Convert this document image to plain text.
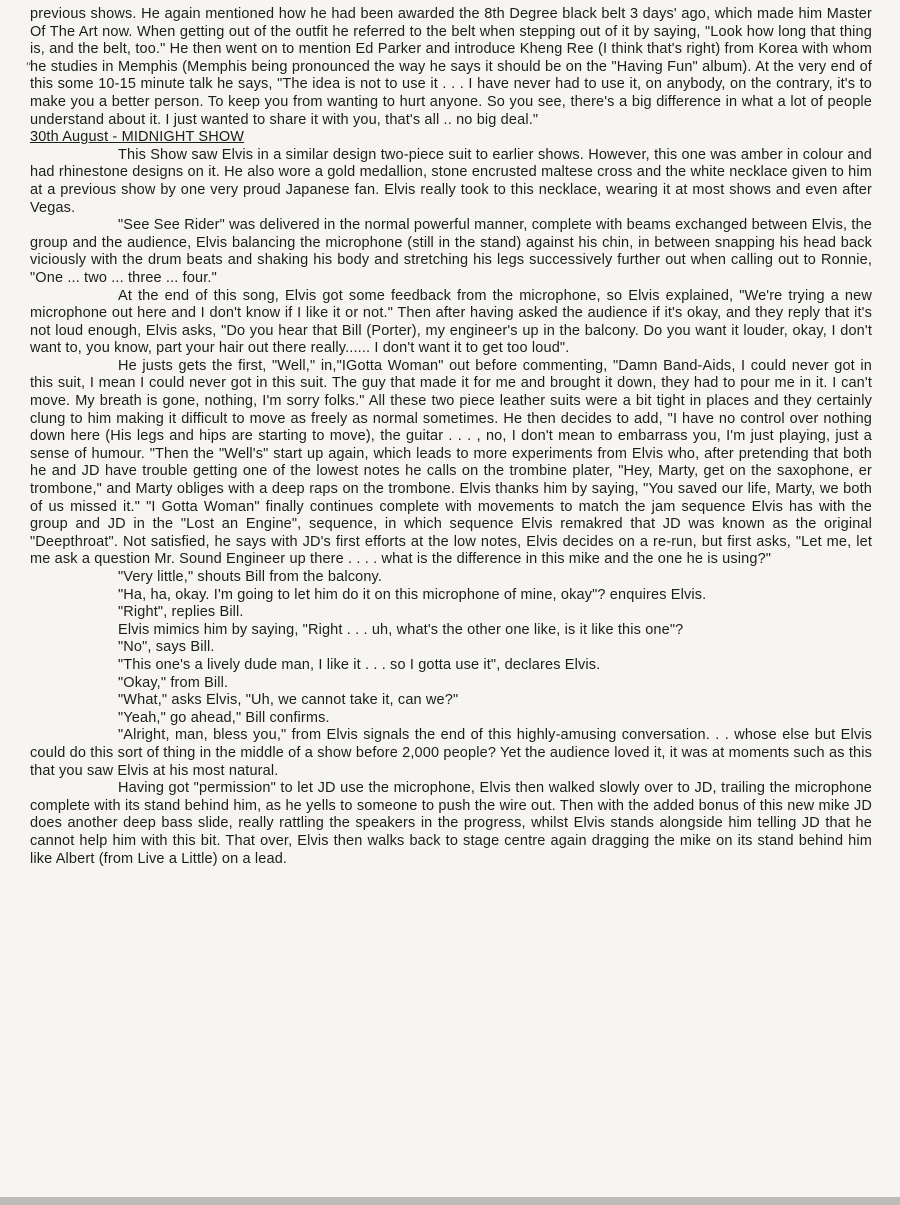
ʺ

previous shows. He again mentioned how he had been awarded the 8th Degree black belt 3 days' ago, which made him Master Of The Art now. When getting out of the outfit he referred to the belt when stepping out of it by saying, "Look how long that thing is, and the belt, too." He then went on to mention Ed Parker and introduce Kheng Ree (I think that's right) from Korea with whom he studies in Memphis (Memphis being pronounced the way he says it should be on the "Having Fun" album). At the very end of this some 10-15 minute talk he says, "The idea is not to use it . . . I have never had to use it, on anybody, on the contrary, it's to make you a better person. To keep you from wanting to hurt anyone. So you see, there's a big difference in what a lot of people understand about it. I just wanted to share it with you, that's all .. no big deal."

30th August - MIDNIGHT SHOW

This Show saw Elvis in a similar design two-piece suit to earlier shows. However, this one was amber in colour and had rhinestone designs on it. He also wore a gold medallion, stone encrusted maltese cross and the white necklace given to him at a previous show by one very proud Japanese fan. Elvis really took to this necklace, wearing it at most shows and even after Vegas.

"See See Rider" was delivered in the normal powerful manner, complete with beams exchanged between Elvis, the group and the audience, Elvis balancing the microphone (still in the stand) against his chin, in between snapping his head back viciously with the drum beats and shaking his body and stretching his legs successively further out when calling out to Ronnie, "One ... two ... three ... four."

At the end of this song, Elvis got some feedback from the microphone, so Elvis explained, "We're trying a new microphone out here and I don't know if I like it or not." Then after having asked the audience if it's okay, and they reply that it's not loud enough, Elvis asks, "Do you hear that Bill (Porter), my engineer's up in the balcony. Do you want it louder, okay, I don't want to, you know, part your hair out there really...... I don't want it to get too loud".

He justs gets the first, "Well," in,"IGotta Woman" out before commenting, "Damn Band-Aids, I could never got in this suit, I mean I could never got in this suit. The guy that made it for me and brought it down, they had to pour me in it. I can't move. My breath is gone, nothing, I'm sorry folks." All these two piece leather suits were a bit tight in places and they certainly clung to him making it difficult to move as freely as normal sometimes. He then decides to add, "I have no control over nothing down here (His legs and hips are starting to move), the guitar . . . , no, I don't mean to embarrass you, I'm just playing, just a sense of humour. "Then the "Well's" start up again, which leads to more experiments from Elvis who, after pretending that both he and JD have trouble getting one of the lowest notes he calls on the trombine plater, "Hey, Marty, get on the saxophone, er trombone," and Marty obliges with a deep raps on the trombone. Elvis thanks him by saying, "You saved our life, Marty, we both of us missed it." "I Gotta Woman" finally continues complete with movements to match the jam sequence Elvis has with the group and JD in the "Lost an Engine", sequence, in which sequence Elvis remakred that JD was known as the original "Deepthroat". Not satisfied, he says with JD's first efforts at the low notes, Elvis decides on a re-run, but first asks, "Let me, let me ask a question Mr. Sound Engineer up there . . . . what is the difference in this mike and the one he is using?"

"Very little," shouts Bill from the balcony.

"Ha, ha, okay. I'm going to let him do it on this microphone of mine, okay"? enquires Elvis.

"Right", replies Bill.

Elvis mimics him by saying, "Right . . . uh, what's the other one like, is it like this one"?

"No", says Bill.

"This one's a lively dude man, I like it . . . so I gotta use it", declares Elvis.

"Okay," from Bill.

"What," asks Elvis, "Uh, we cannot take it, can we?"

"Yeah," go ahead," Bill confirms.

"Alright, man, bless you," from Elvis signals the end of this highly-amusing conversation. . . whose else but Elvis could do this sort of thing in the middle of a show before 2,000 people? Yet the audience loved it, it was at moments such as this that you saw Elvis at his most natural.

Having got "permission" to let JD use the microphone, Elvis then walked slowly over to JD, trailing the microphone complete with its stand behind him, as he yells to someone to push the wire out. Then with the added bonus of this new mike JD does another deep bass slide, really rattling the speakers in the progress, whilst Elvis stands alongside him telling JD that he cannot help him with this bit. That over, Elvis then walks back to stage centre again dragging the mike on its stand behind him like Albert (from Live a Little) on a lead.
